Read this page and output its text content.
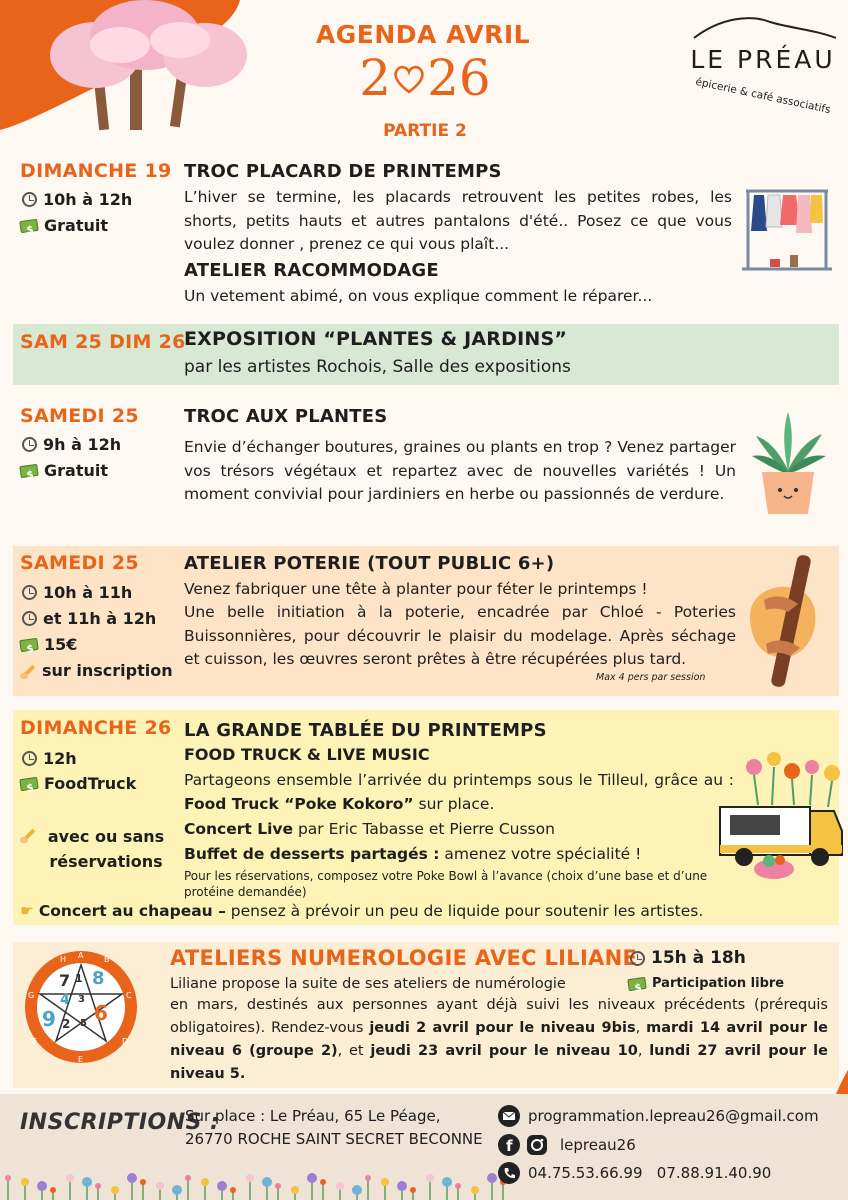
AGENDA AVRIL
2 26
PARTIE 2
LE PRÉAU
épicerie & café associatifs
DIMANCHE 19
10h à 12h
$
Gratuit
TROC PLACARD DE PRINTEMPS
L’hiver se termine, les placards retrouvent les petites robes, les shorts, petits hauts et autres pantalons d'été.. Posez ce que vous voulez donner , prenez ce qui vous plaît...
ATELIER RACOMMODAGE
Un vetement abimé, on vous explique comment le réparer...
SAM 25 DIM 26
EXPOSITION “PLANTES & JARDINS”
par les artistes Rochois, Salle des expositions
SAMEDI 25
9h à 12h
$
Gratuit
TROC AUX PLANTES
Envie d’échanger boutures, graines ou plants en trop ? Venez partager vos trésors végétaux et repartez avec de nouvelles variétés ! Un moment convivial pour jardiniers en herbe ou passionnés de verdure.
SAMEDI 25
10h à 11h
et 11h à 12h
$
15€
sur inscription
ATELIER POTERIE (TOUT PUBLIC 6+)
Venez fabriquer une tête à planter pour féter le printemps !
Une belle initiation à la poterie, encadrée par Chloé - Poteries Buissonnières, pour découvrir le plaisir du modelage. Après séchage et cuisson, les œuvres seront prêtes à être récupérées plus tard.
Max 4 pers par session
DIMANCHE 26
12h
$
FoodTruck
avec ou sans réservations
LA GRANDE TABLÉE DU PRINTEMPS
FOOD TRUCK & LIVE MUSIC
Partageons ensemble l’arrivée du printemps sous le Tilleul, grâce au : Food Truck “Poke Kokoro” sur place.
Concert Live par Eric Tabasse et Pierre Cusson
Buffet de desserts partagés : amenez votre spécialité !
Pour les réservations, composez votre Poke Bowl à l’avance (choix d’une base et d’une protéine demandée)
☛ Concert au chapeau – pensez à prévoir un peu de liquide pour soutenir les artistes.
7 1 8
4 3
6
9 2 5
H A	B
G	C
F	D
E
ATELIERS NUMEROLOGIE AVEC LILIANE 15h à 18h
$
Participation libre
Liliane propose la suite de ses ateliers de numérologie
en mars, destinés aux personnes ayant déjà suivi les niveaux précédents (prérequis obligatoires). Rendez-vous jeudi 2 avril pour le niveau 9bis, mardi 14 avril pour le niveau 6 (groupe 2), et jeudi 23 avril pour le niveau 10, lundi 27 avril pour le niveau 5.
INSCRIPTIONS :
Sur place : Le Préau, 65 Le Péage,
26770 ROCHE SAINT SECRET BECONNE
programmation.lepreau26@gmail.com
f	lepreau26
04.75.53.66.99   07.88.91.40.90
